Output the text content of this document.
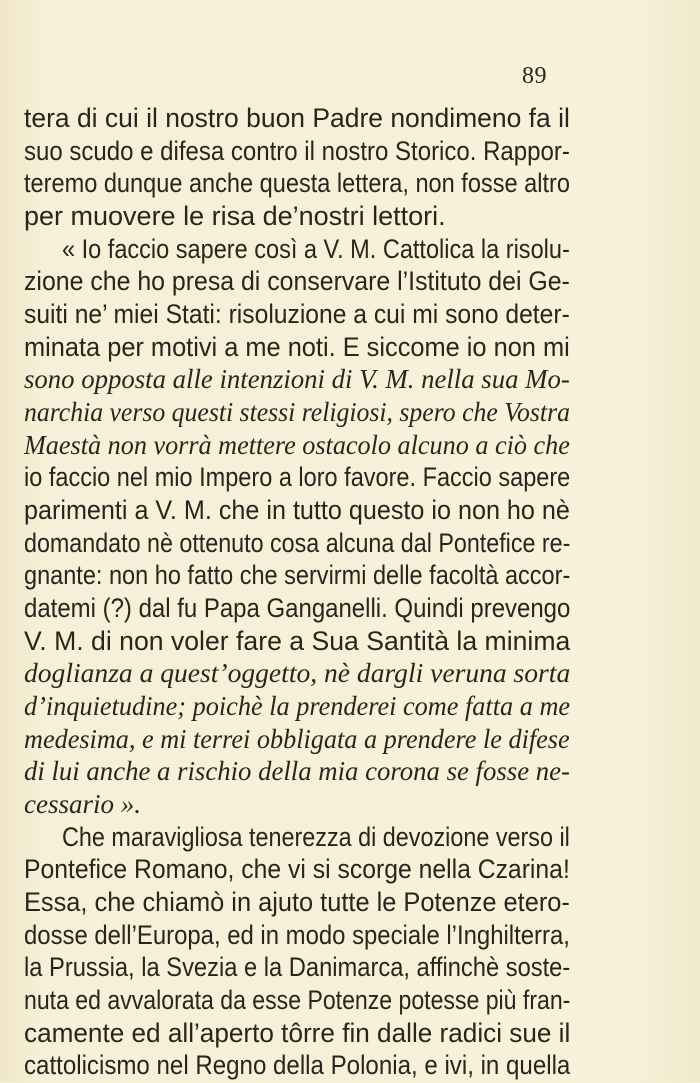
89
tera di cui il nostro buon Padre nondimeno fa il
suo scudo e difesa contro il nostro Storico. Rappor-
teremo dunque anche questa lettera, non fosse altro
per muovere le risa de’nostri lettori.
« Io faccio sapere così a V. M. Cattolica la risolu-
zione che ho presa di conservare l’Istituto dei Ge-
suiti ne’ miei Stati: risoluzione a cui mi sono deter-
minata per motivi a me noti. E siccome io non mi
sono opposta alle intenzioni di V. M. nella sua Mo-
narchia verso questi stessi religiosi, spero che Vostra
Maestà non vorrà mettere ostacolo alcuno a ciò che
io faccio nel mio Impero a loro favore. Faccio sapere
parimenti a V. M. che in tutto questo io non ho nè
domandato nè ottenuto cosa alcuna dal Pontefice re-
gnante: non ho fatto che servirmi delle facoltà accor-
datemi (?) dal fu Papa Ganganelli. Quindi prevengo
V. M. di non voler fare a Sua Santità la minima
doglianza a quest’oggetto, nè dargli veruna sorta
d’inquietudine; poichè la prenderei come fatta a me
medesima, e mi terrei obbligata a prendere le difese
di lui anche a rischio della mia corona se fosse ne-
cessario ».
Che maravigliosa tenerezza di devozione verso il
Pontefice Romano, che vi si scorge nella Czarina!
Essa, che chiamò in ajuto tutte le Potenze etero-
dosse dell’Europa, ed in modo speciale l’Inghilterra,
la Prussia, la Svezia e la Danimarca, affinchè soste-
nuta ed avvalorata da esse Potenze potesse più fran-
camente ed all’aperto tôrre fin dalle radici sue il
cattolicismo nel Regno della Polonia, e ivi, in quella
